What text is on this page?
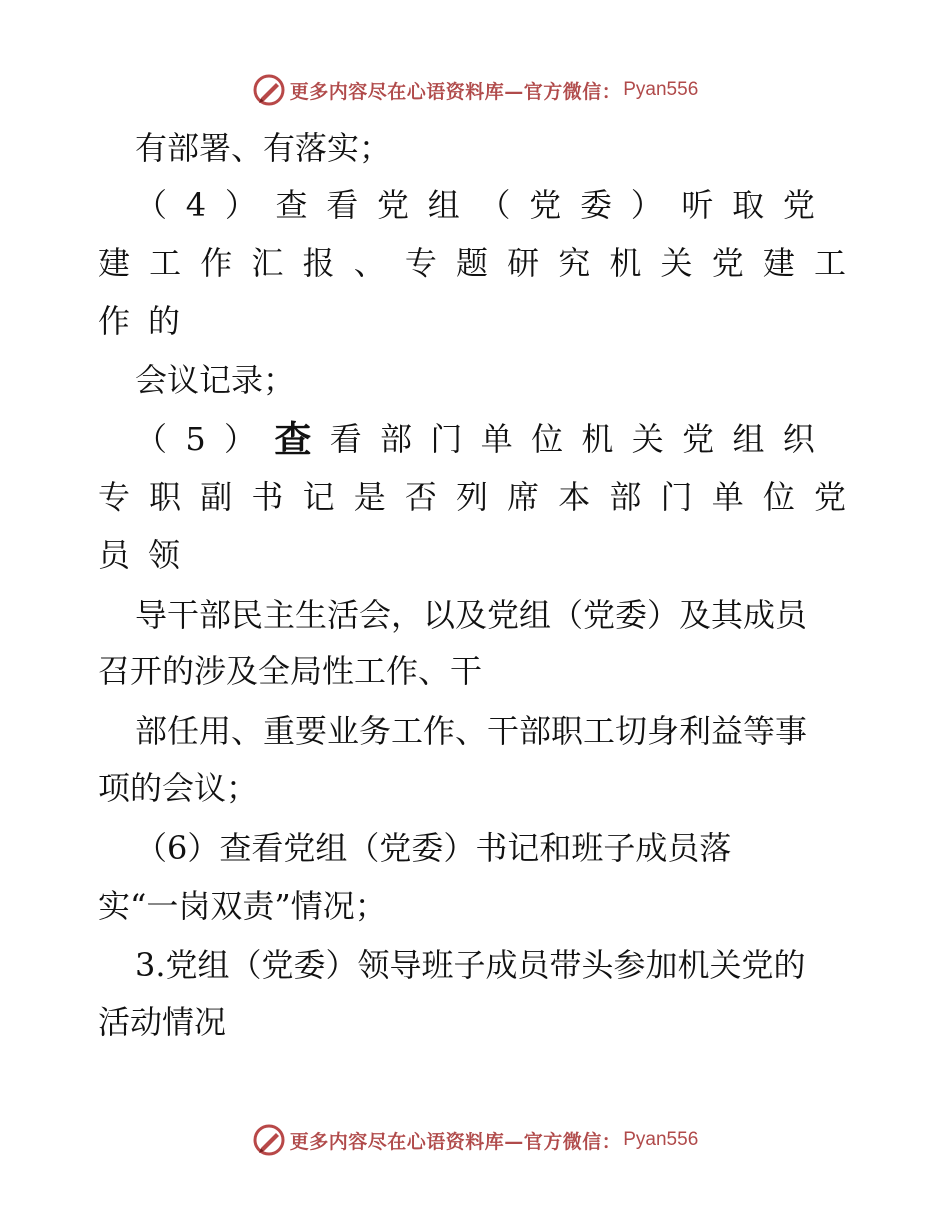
更多内容尽在心语资料库—官方微信： Pyan556
有部署、有落实；
（ 4 ） 查 看 党 组 （ 党 委 ） 听 取 党
建 工 作 汇 报 、 专 题 研 究 机 关 党 建 工
作 的
会议记录；
（ 5 ） 查 看 部 门 单 位 机 关 党 组 织
专 职 副 书 记 是 否 列 席 本 部 门 单 位 党
员 领
导干部民主生活会，以及党组（党委）及其成员
召开的涉及全局性工作、干
部任用、重要业务工作、干部职工切身利益等事
项的会议；
（6）查看党组（党委）书记和班子成员落
实“一岗双责”情况；
3.党组（党委）领导班子成员带头参加机关党的
活动情况
更多内容尽在心语资料库—官方微信： Pyan556
